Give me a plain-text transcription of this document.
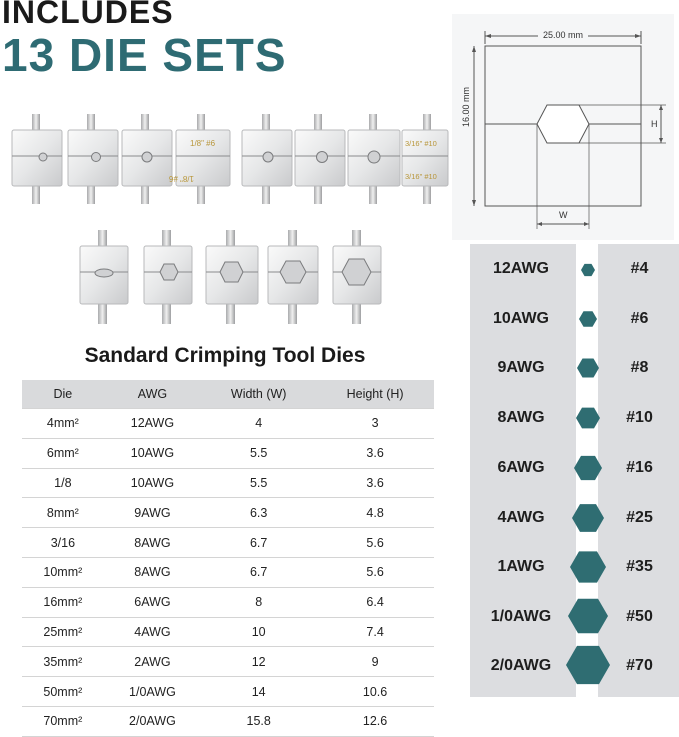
INCLUDES
13 DIE SETS
1/8" #6
1/8" #6
3/16" #10
3/16" #10
25.00 mm
16.00 mm	H
W
Sandard Crimping Tool Dies
Die	AWG	Width (W)	Height (H)
4mm²	12AWG	4	3
6mm²	10AWG	5.5	3.6
1/8	10AWG	5.5	3.6
8mm²	9AWG	6.3	4.8
3/16	8AWG	6.7	5.6
10mm²	8AWG	6.7	5.6
16mm²	6AWG	8	6.4
25mm²	4AWG	10	7.4
35mm²	2AWG	12	9
50mm²	1/0AWG	14	10.6
70mm²	2/0AWG	15.8	12.6
12AWG	#4
10AWG	#6
9AWG	#8
8AWG	#10
6AWG	#16
4AWG	#25
1AWG	#35
1/0AWG	#50
2/0AWG	#70
